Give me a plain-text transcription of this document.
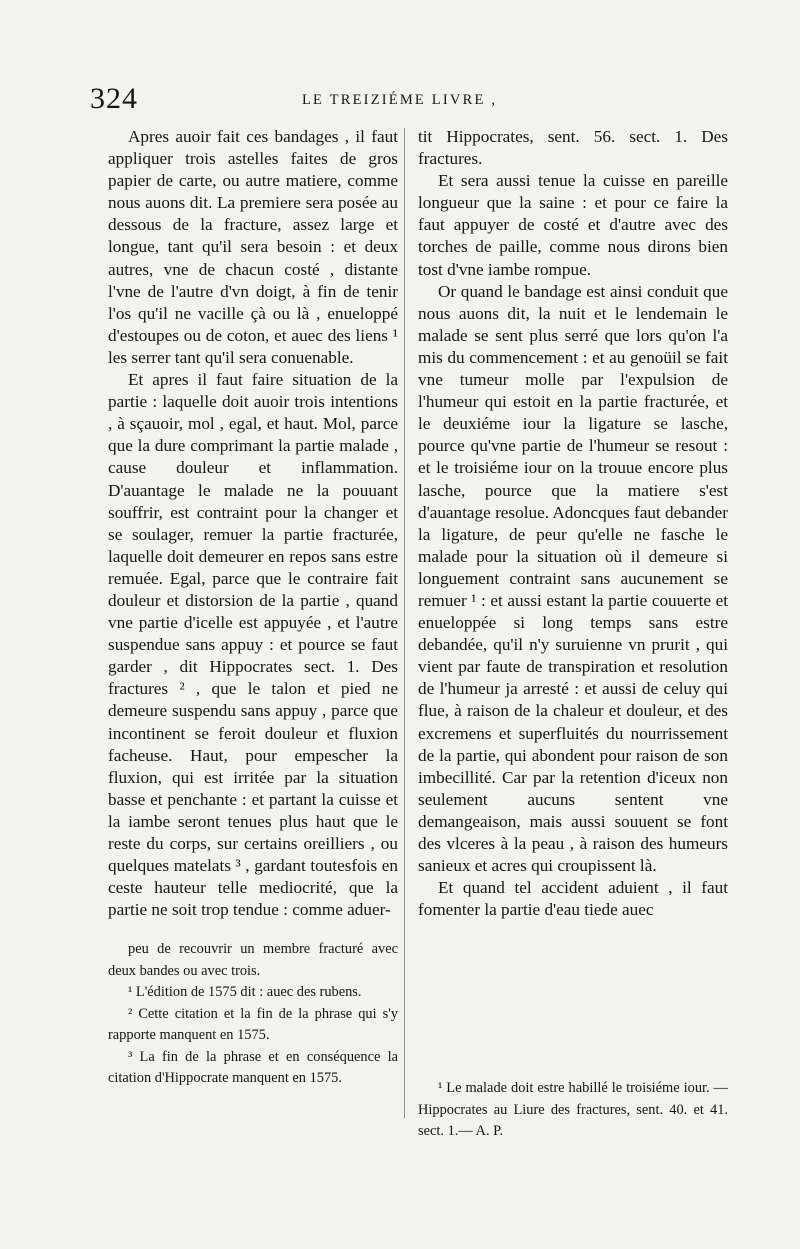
324	LE TREIZIÉME LIVRE ,

Apres auoir fait ces bandages , il faut appliquer trois astelles faites de gros papier de carte, ou autre matiere, comme nous auons dit. La premiere sera posée au dessous de la fracture, assez large et longue, tant qu'il sera besoin : et deux autres, vne de chacun costé , distante l'vne de l'autre d'vn doigt, à fin de tenir l'os qu'il ne vacille çà ou là , enueloppé d'estoupes ou de coton, et auec des liens ¹ les serrer tant qu'il sera conuenable.

Et apres il faut faire situation de la partie : laquelle doit auoir trois intentions , à sçauoir, mol , egal, et haut. Mol, parce que la dure comprimant la partie malade , cause douleur et inflammation. D'auantage le malade ne la pouuant souffrir, est contraint pour la changer et se soulager, remuer la partie fracturée, laquelle doit demeurer en repos sans estre remuée. Egal, parce que le contraire fait douleur et distorsion de la partie , quand vne partie d'icelle est appuyée , et l'autre suspendue sans appuy : et pource se faut garder , dit Hippocrates sect. 1. Des fractures ² , que le talon et pied ne demeure suspendu sans appuy , parce que incontinent se feroit douleur et fluxion facheuse. Haut, pour empescher la fluxion, qui est irritée par la situation basse et penchante : et partant la cuisse et la iambe seront tenues plus haut que le reste du corps, sur certains oreilliers , ou quelques matelats ³ , gardant toutesfois en ceste hauteur telle mediocrité, que la partie ne soit trop tendue : comme aduer-

peu de recouvrir un membre fracturé avec deux bandes ou avec trois.

¹ L'édition de 1575 dit : auec des rubens.

² Cette citation et la fin de la phrase qui s'y rapporte manquent en 1575.

³ La fin de la phrase et en conséquence la citation d'Hippocrate manquent en 1575.

tit Hippocrates, sent. 56. sect. 1. Des fractures.

Et sera aussi tenue la cuisse en pareille longueur que la saine : et pour ce faire la faut appuyer de costé et d'autre avec des torches de paille, comme nous dirons bien tost d'vne iambe rompue.

Or quand le bandage est ainsi conduit que nous auons dit, la nuit et le lendemain le malade se sent plus serré que lors qu'on l'a mis du commencement : et au genoüil se fait vne tumeur molle par l'expulsion de l'humeur qui estoit en la partie fracturée, et le deuxiéme iour la ligature se lasche, pource qu'vne partie de l'humeur se resout : et le troisiéme iour on la trouue encore plus lasche, pource que la matiere s'est d'auantage resolue. Adoncques faut debander la ligature, de peur qu'elle ne fasche le malade pour la situation où il demeure si longuement contraint sans aucunement se remuer ¹ : et aussi estant la partie couuerte et enueloppée si long temps sans estre debandée, qu'il n'y suruienne vn prurit , qui vient par faute de transpiration et resolution de l'humeur ja arresté : et aussi de celuy qui flue, à raison de la chaleur et douleur, et des excremens et superfluités du nourrissement de la partie, qui abondent pour raison de son imbecillité. Car par la retention d'iceux non seulement aucuns sentent vne demangeaison, mais aussi souuent se font des vlceres à la peau , à raison des humeurs sanieux et acres qui croupissent là.

Et quand tel accident aduient , il faut fomenter la partie d'eau tiede auec

¹ Le malade doit estre habillé le troisiéme iour. — Hippocrates au Liure des fractures, sent. 40. et 41. sect. 1.— A. P.
